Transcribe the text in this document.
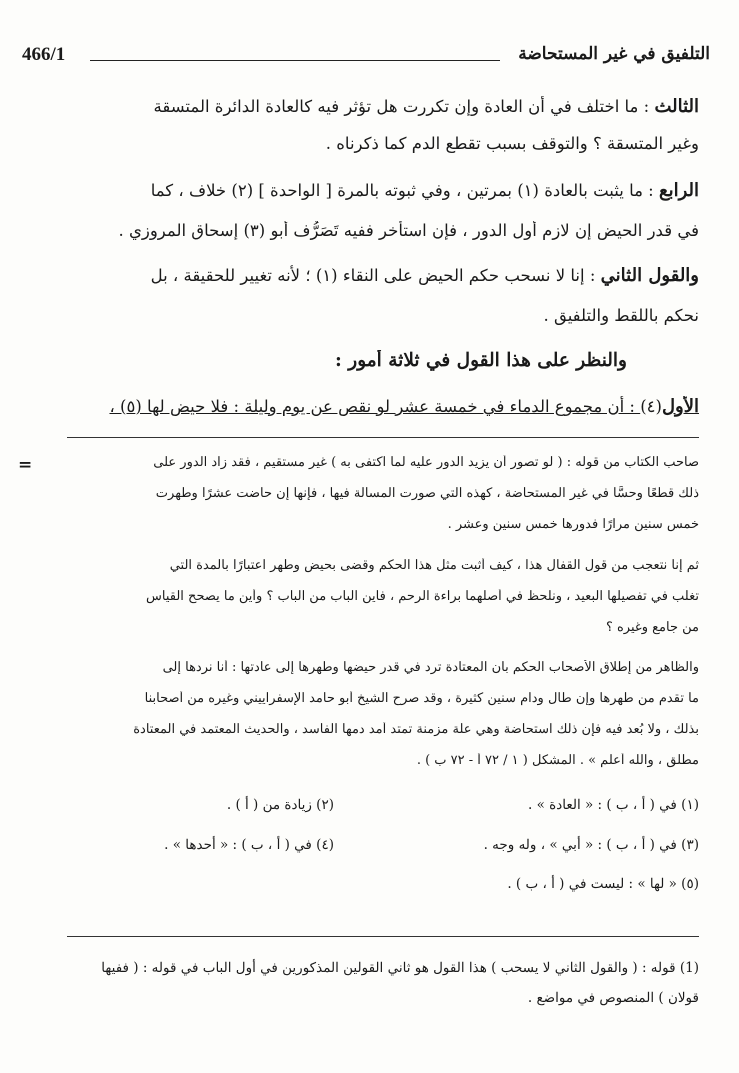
التلفيق في غير المستحاضة
466/1
الثالث : ما اختلف في أن العادة وإن تكررت هل تؤثر فيه كالعادة الدائرة المتسقة
وغير المتسقة ؟ والتوقف بسبب تقطع الدم كما ذكرناه .
الرابع : ما يثبت بالعادة (١) بمرتين ، وفي ثبوته بالمرة [ الواحدة ] (٢) خلاف ، كما
في قدر الحيض إن لازم أول الدور ، فإن استأخر ففيه تَصَرُّف أبو (٣) إسحاق المروزي .
والقول الثاني : إنا لا نسحب حكم الحيض على النقاء (١) ؛ لأنه تغيير للحقيقة ، بل
نحكم باللقط والتلفيق .
والنظر على هذا القول في ثلاثة أمور :
الأول(٤) : أن مجموع الدماء في خمسة عشر لو نقص عن يوم وليلة : فلا حيض لها (٥) ،
=	صاحب الكتاب من قوله : ( لو تصور أن يزيد الدور عليه لما اكتفى به ) غير مستقيم ، فقد زاد الدور على
ذلك قطعًا وحسًّا في غير المستحاضة ، كهذه التي صورت المسألة فيها ، فإنها إن حاضت عشرًا وطهرت
خمس سنين مرارًا فدورها خمس سنين وعشر .
ثم إنا نتعجب من قول القفال هذا ، كيف أثبت مثل هذا الحكم وقضى بحيض وطهر اعتبارًا بالمدة التي
تغلب في تفصيلها البعيد ، ونلحظ في أصلهما براءة الرحم ، فأين الباب من الباب ؟ وأين ما يصحح القياس
من جامع وغيره ؟
والظاهر من إطلاق الأصحاب الحكم بأن المعتادة ترد في قدر حيضها وطهرها إلى عادتها : أنا نردها إلى
ما تقدم من طهرها وإن طال ودام سنين كثيرة ، وقد صرح الشيخ أبو حامد الإسفراييني وغيره من أصحابنا
بذلك ، ولا بُعد فيه فإن ذلك استحاضة وهي علة مزمنة تمتد أمد دمها الفاسد ، والحديث المعتمد في المعتادة
مطلق ، والله أعلم » . المشكل ( ١ / ٧٢ أ - ٧٢ ب ) .
(١) في ( أ ، ب ) : « العادة » .
(٢) زيادة من ( أ ) .
(٣) في ( أ ، ب ) : « أبي » ، وله وجه .
(٤) في ( أ ، ب ) : « أحدها » .
(٥) « لها » : ليست في ( أ ، ب ) .
(1) قوله : ( والقول الثاني لا يسحب ) هذا القول هو ثاني القولين المذكورين في أول الباب في قوله : ( ففيها
قولان ) المنصوص في مواضع .
